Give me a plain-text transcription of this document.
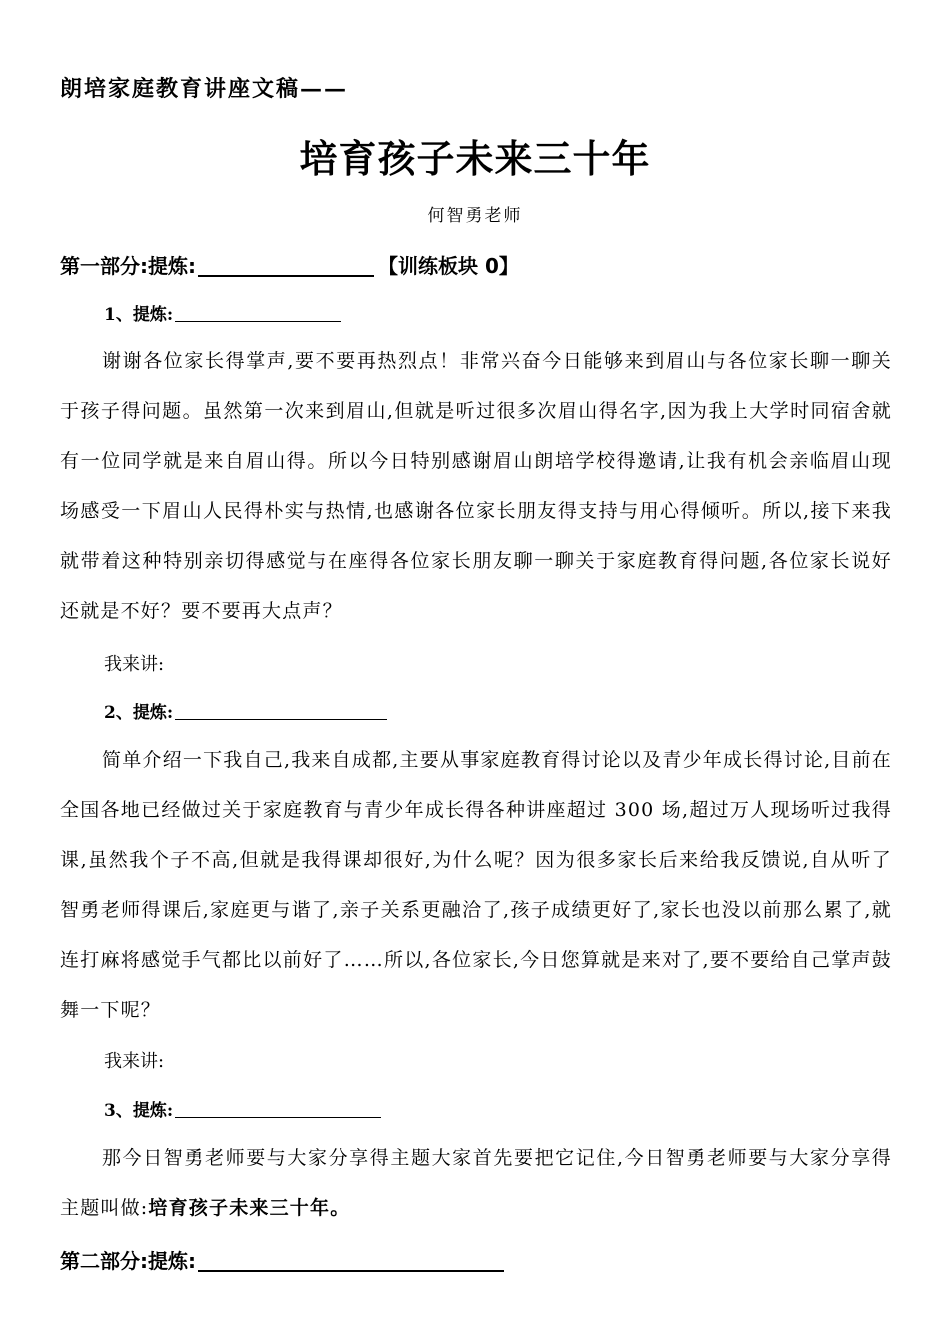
朗培家庭教育讲座文稿——
培育孩子未来三十年
何智勇老师
第一部分:提炼:	【训练板块 0】
1、提炼:

谢谢各位家长得掌声,要不要再热烈点！非常兴奋今日能够来到眉山与各位家长聊一聊关于孩子得问题。虽然第一次来到眉山,但就是听过很多次眉山得名字,因为我上大学时同宿舍就有一位同学就是来自眉山得。所以今日特别感谢眉山朗培学校得邀请,让我有机会亲临眉山现场感受一下眉山人民得朴实与热情,也感谢各位家长朋友得支持与用心得倾听。所以,接下来我就带着这种特别亲切得感觉与在座得各位家长朋友聊一聊关于家庭教育得问题,各位家长说好还就是不好？要不要再大点声？

我来讲:
2、提炼:

简单介绍一下我自己,我来自成都,主要从事家庭教育得讨论以及青少年成长得讨论,目前在全国各地已经做过关于家庭教育与青少年成长得各种讲座超过 300 场,超过万人现场听过我得课,虽然我个子不高,但就是我得课却很好,为什么呢？因为很多家长后来给我反馈说,自从听了智勇老师得课后,家庭更与谐了,亲子关系更融洽了,孩子成绩更好了,家长也没以前那么累了,就连打麻将感觉手气都比以前好了……所以,各位家长,今日您算就是来对了,要不要给自己掌声鼓舞一下呢？

我来讲:
3、提炼:

那今日智勇老师要与大家分享得主题大家首先要把它记住,今日智勇老师要与大家分享得主题叫做:培育孩子未来三十年。

第二部分:提炼:
